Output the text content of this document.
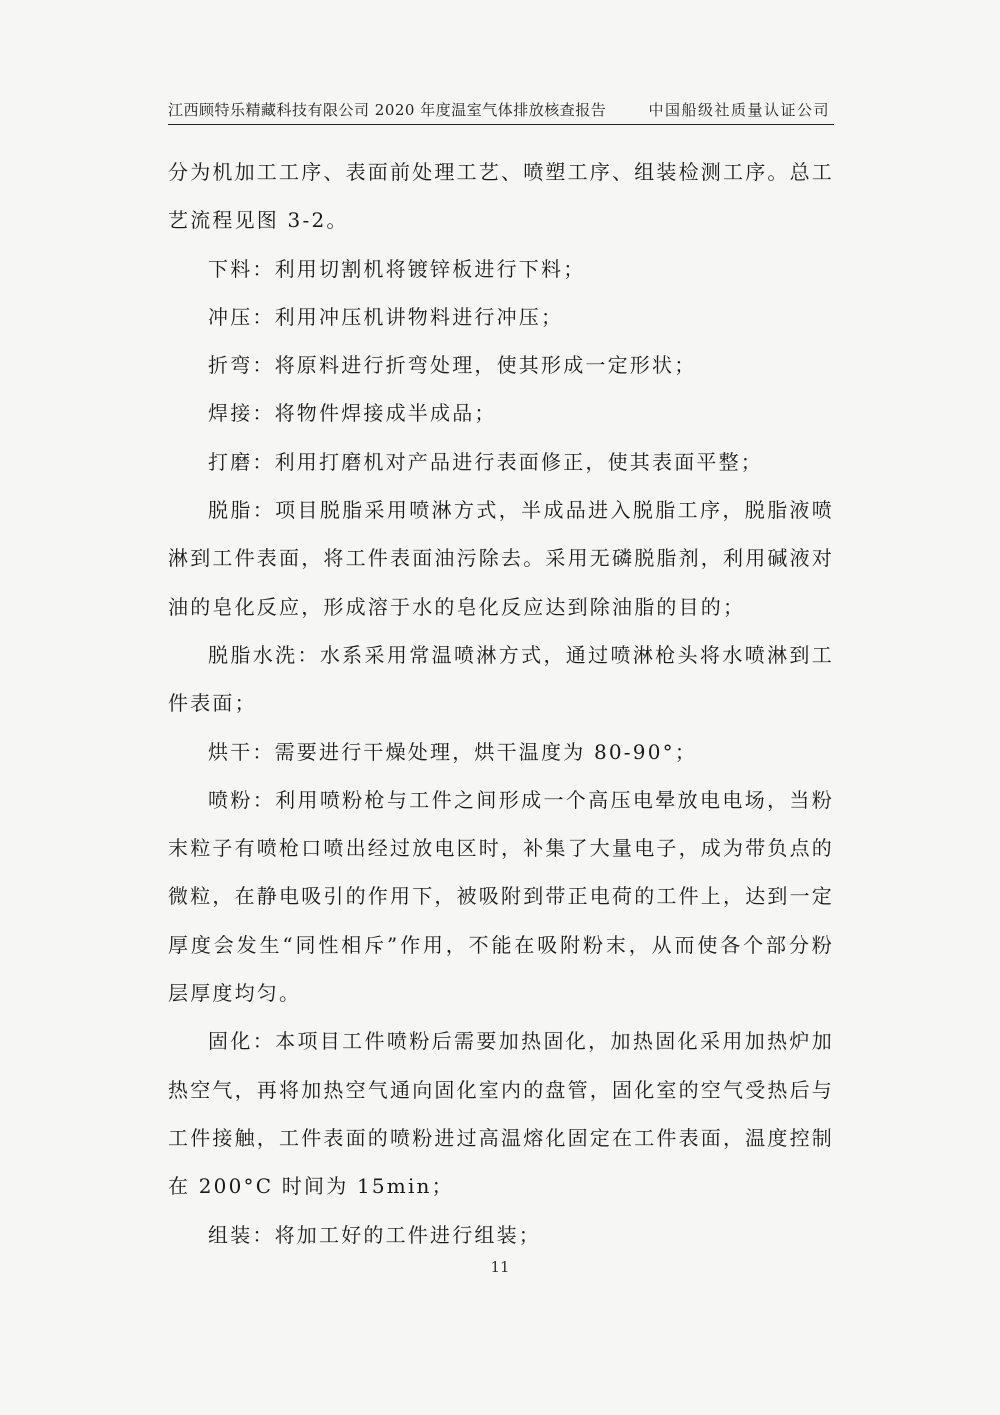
江西顾特乐精藏科技有限公司 2020 年度温室气体排放核查报告	中国船级社质量认证公司

分为机加工工序、表面前处理工艺、喷塑工序、组装检测工序。总工艺流程见图 3-2。

下料：利用切割机将镀锌板进行下料；

冲压：利用冲压机讲物料进行冲压；

折弯：将原料进行折弯处理，使其形成一定形状；

焊接：将物件焊接成半成品；

打磨：利用打磨机对产品进行表面修正，使其表面平整；

脱脂：项目脱脂采用喷淋方式，半成品进入脱脂工序，脱脂液喷淋到工件表面，将工件表面油污除去。采用无磷脱脂剂，利用碱液对油的皂化反应，形成溶于水的皂化反应达到除油脂的目的；

脱脂水洗：水系采用常温喷淋方式，通过喷淋枪头将水喷淋到工件表面；

烘干：需要进行干燥处理，烘干温度为 80-90°；

喷粉：利用喷粉枪与工件之间形成一个高压电晕放电电场，当粉末粒子有喷枪口喷出经过放电区时，补集了大量电子，成为带负点的微粒，在静电吸引的作用下，被吸附到带正电荷的工件上，达到一定厚度会发生“同性相斥”作用，不能在吸附粉末，从而使各个部分粉层厚度均匀。

固化：本项目工件喷粉后需要加热固化，加热固化采用加热炉加热空气，再将加热空气通向固化室内的盘管，固化室的空气受热后与工件接触，工件表面的喷粉进过高温熔化固定在工件表面，温度控制在 200°C 时间为 15min；

组装：将加工好的工件进行组装；

11
